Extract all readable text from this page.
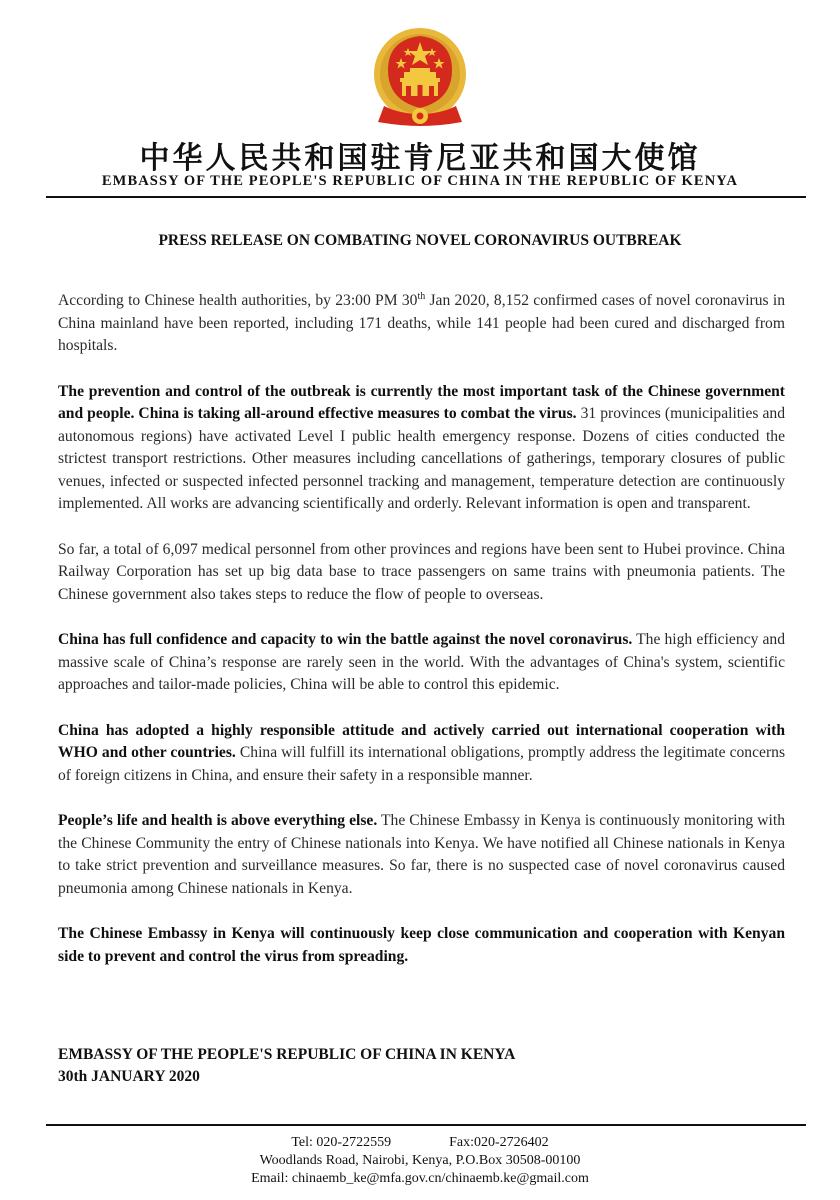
中华人民共和国驻肯尼亚共和国大使馆
EMBASSY OF THE PEOPLE'S REPUBLIC OF CHINA IN THE REPUBLIC OF KENYA
PRESS RELEASE ON COMBATING NOVEL CORONAVIRUS OUTBREAK

According to Chinese health authorities, by 23:00 PM 30th Jan 2020, 8,152 confirmed cases of novel coronavirus in China mainland have been reported, including 171 deaths, while 141 people had been cured and discharged from hospitals.

The prevention and control of the outbreak is currently the most important task of the Chinese government and people. China is taking all-around effective measures to combat the virus. 31 provinces (municipalities and autonomous regions) have activated Level I public health emergency response. Dozens of cities conducted the strictest transport restrictions. Other measures including cancellations of gatherings, temporary closures of public venues, infected or suspected infected personnel tracking and management, temperature detection are continuously implemented. All works are advancing scientifically and orderly. Relevant information is open and transparent.

So far, a total of 6,097 medical personnel from other provinces and regions have been sent to Hubei province. China Railway Corporation has set up big data base to trace passengers on same trains with pneumonia patients. The Chinese government also takes steps to reduce the flow of people to overseas.

China has full confidence and capacity to win the battle against the novel coronavirus. The high efficiency and massive scale of China’s response are rarely seen in the world. With the advantages of China's system, scientific approaches and tailor-made policies, China will be able to control this epidemic.

China has adopted a highly responsible attitude and actively carried out international cooperation with WHO and other countries. China will fulfill its international obligations, promptly address the legitimate concerns of foreign citizens in China, and ensure their safety in a responsible manner.

People’s life and health is above everything else. The Chinese Embassy in Kenya is continuously monitoring with the Chinese Community the entry of Chinese nationals into Kenya. We have notified all Chinese nationals in Kenya to take strict prevention and surveillance measures. So far, there is no suspected case of novel coronavirus caused pneumonia among Chinese nationals in Kenya.

The Chinese Embassy in Kenya will continuously keep close communication and cooperation with Kenyan side to prevent and control the virus from spreading.

EMBASSY OF THE PEOPLE'S REPUBLIC OF CHINA IN KENYA
30th JANUARY 2020
Tel: 020-2722559	Fax:020-2726402
Woodlands Road, Nairobi, Kenya, P.O.Box 30508-00100
Email: chinaemb_ke@mfa.gov.cn/chinaemb.ke@gmail.com
